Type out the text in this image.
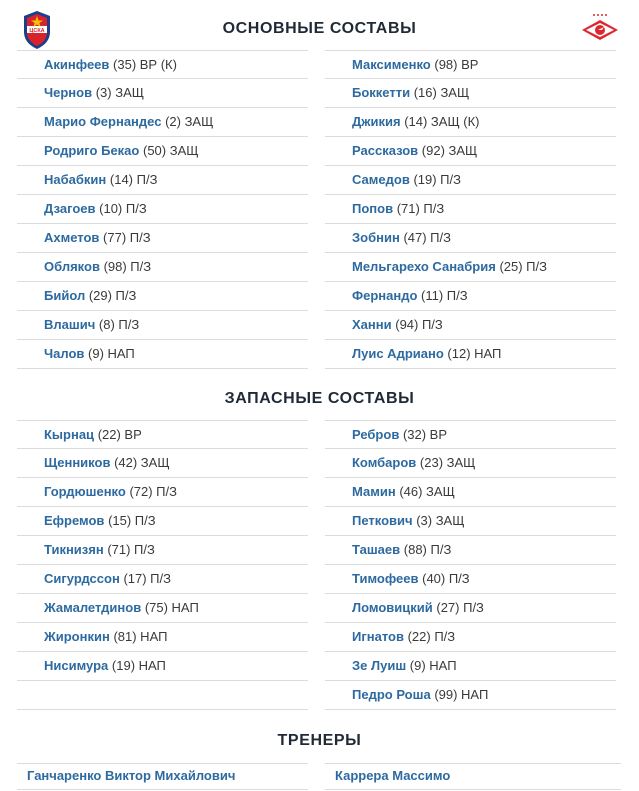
ЦСКА	ОСНОВНЫЕ СОСТАВЫ
ЗАПАСНЫЕ СОСТАВЫ
ТРЕНЕРЫ
Акинфеев (35) ВР (К)
Чернов (3) ЗАЩ
Марио Фернандес (2) ЗАЩ
Родриго Бекао (50) ЗАЩ
Набабкин (14) П/З
Дзагоев (10) П/З
Ахметов (77) П/З
Обляков (98) П/З
Бийол (29) П/З
Влашич (8) П/З
Чалов (9) НАП
Максименко (98) ВР
Боккетти (16) ЗАЩ
Джикия (14) ЗАЩ (К)
Рассказов (92) ЗАЩ
Самедов (19) П/З
Попов (71) П/З
Зобнин (47) П/З
Мельгарехо Санабрия (25) П/З
Фернандо (11) П/З
Ханни (94) П/З
Луис Адриано (12) НАП
Кырнац (22) ВР
Щенников (42) ЗАЩ
Гордюшенко (72) П/З
Ефремов (15) П/З
Тикнизян (71) П/З
Сигурдссон (17) П/З
Жамалетдинов (75) НАП
Жиронкин (81) НАП
Нисимура (19) НАП
Ребров (32) ВР
Комбаров (23) ЗАЩ
Мамин (46) ЗАЩ
Петкович (3) ЗАЩ
Ташаев (88) П/З
Тимофеев (40) П/З
Ломовицкий (27) П/З
Игнатов (22) П/З
Зе Луиш (9) НАП
Педро Роша (99) НАП
Ганчаренко Виктор Михайлович	Каррера Массимо
